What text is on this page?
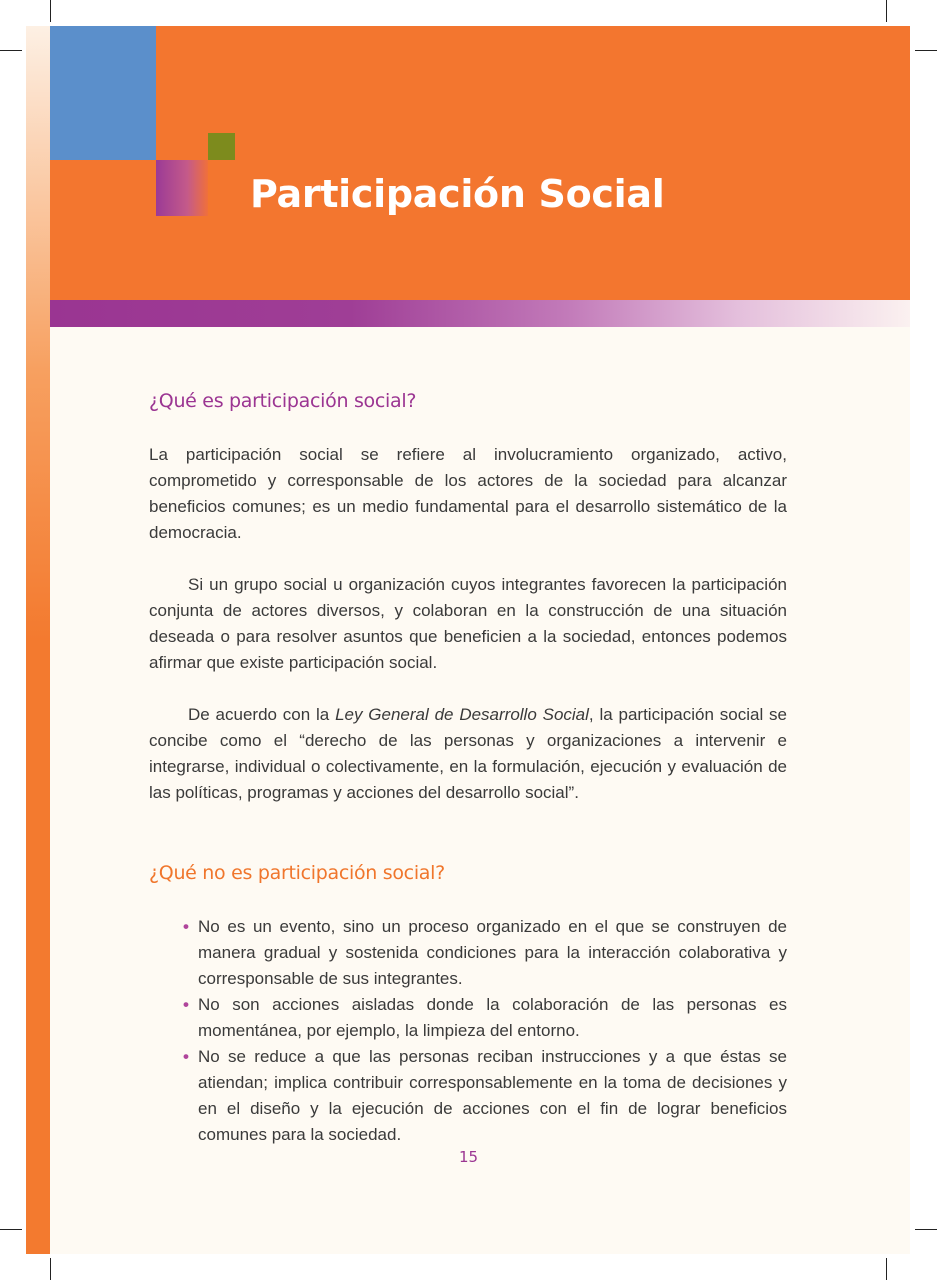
Participación Social
¿Qué es participación social?

La participación social se refiere al involucramiento organizado, activo, comprometido y corresponsable de los actores de la sociedad para alcanzar beneficios comunes; es un medio fundamental para el desarrollo sistemático de la democracia.

Si un grupo social u organización cuyos integrantes favorecen la participación conjunta de actores diversos, y colaboran en la construcción de una situación deseada o para resolver asuntos que beneficien a la sociedad, entonces podemos afirmar que existe participación social.

De acuerdo con la Ley General de Desarrollo Social, la participación social se concibe como el “derecho de las personas y organizaciones a intervenir e integrarse, individual o colectivamente, en la formulación, ejecución y evaluación de las políticas, programas y acciones del desarrollo social”.

¿Qué no es participación social?
• No es un evento, sino un proceso organizado en el que se construyen de manera gradual y sostenida condiciones para la interacción colaborativa y corresponsable de sus integrantes.
• No son acciones aisladas donde la colaboración de las personas es momentánea, por ejemplo, la limpieza del entorno.
• No se reduce a que las personas reciban instrucciones y a que éstas se atiendan; implica contribuir corresponsablemente en la toma de decisiones y en el diseño y la ejecución de acciones con el fin de lograr beneficios comunes para la sociedad.
15
